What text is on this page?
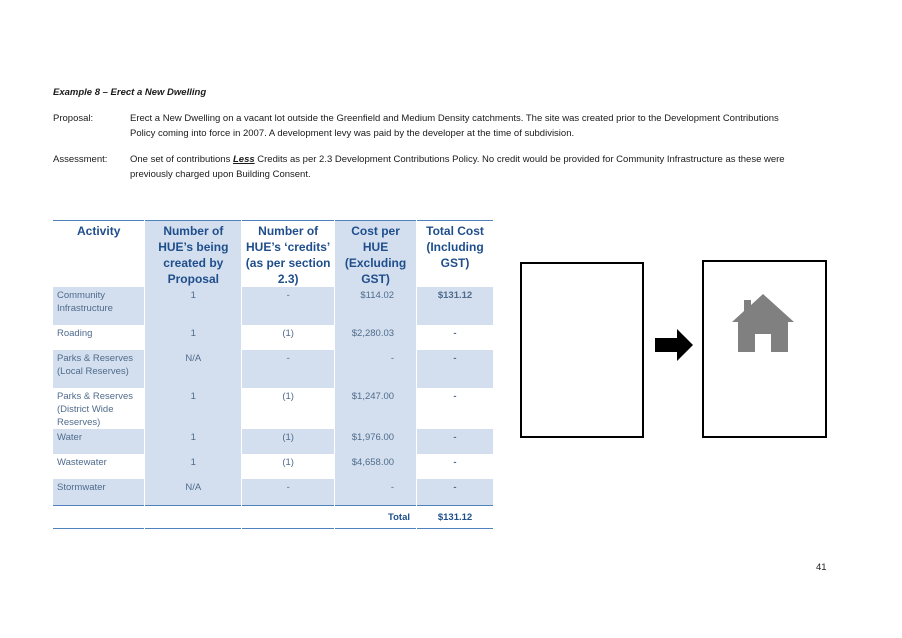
Example 8 – Erect a New Dwelling
Proposal:	Erect a New Dwelling on a vacant lot outside the Greenfield and Medium Density catchments. The site was created prior to the Development Contributions
Policy coming into force in 2007. A development levy was paid by the developer at the time of subdivision.
Assessment: One set of contributions Less Credits as per 2.3 Development Contributions Policy. No credit would be provided for Community Infrastructure as these were
previously charged upon Building Consent.
Activity	Number of HUE’s being created by Proposal	Number of HUE’s ‘credits’ (as per section 2.3)	Cost per HUE (Excluding GST)	Total Cost (Including GST)
Community Infrastructure	1	-	$114.02	$131.12
Roading	1	(1)	$2,280.03	-
Parks & Reserves (Local Reserves)	N/A	-	-	-
Parks & Reserves (District Wide Reserves)	1	(1)	$1,247.00	-
Water	1	(1)	$1,976.00	-
Wastewater	1	(1)	$4,658.00	-
Stormwater	N/A	-	-	-
			Total	$131.12
41
